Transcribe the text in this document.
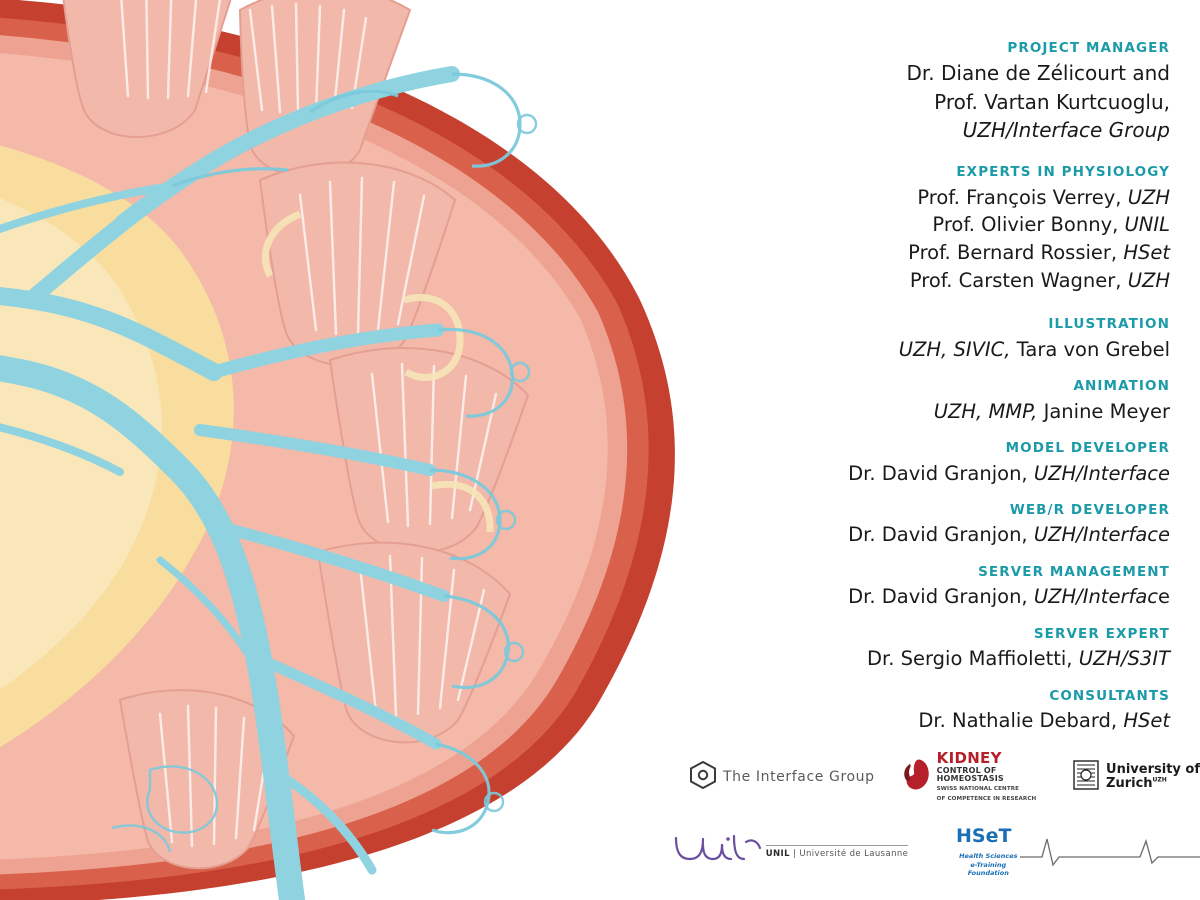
PROJECT MANAGER
Dr. Diane de Zélicourt and
Prof. Vartan Kurtcuoglu,
UZH/Interface Group
EXPERTS IN PHYSIOLOGY
Prof. François Verrey, UZH
Prof. Olivier Bonny, UNIL
Prof. Bernard Rossier, HSet
Prof. Carsten Wagner, UZH
ILLUSTRATION
UZH, SIVIC, Tara von Grebel
ANIMATION
UZH, MMP, Janine Meyer
MODEL DEVELOPER
Dr. David Granjon, UZH/Interface
WEB/R DEVELOPER
Dr. David Granjon, UZH/Interface
SERVER MANAGEMENT
Dr. David Granjon, UZH/Interface
SERVER EXPERT
Dr. Sergio Maffioletti, UZH/S3IT
CONSULTANTS
Dr. Nathalie Debard, HSet
The Interface Group
KIDNEY
CONTROL OF HOMEOSTASIS
SWISS NATIONAL CENTRE
OF COMPETENCE IN RESEARCH
University of
Zurich$^{UZH}$
UNIL | Université de Lausanne
HSeT
Health Sciences
e-Training
Foundation
